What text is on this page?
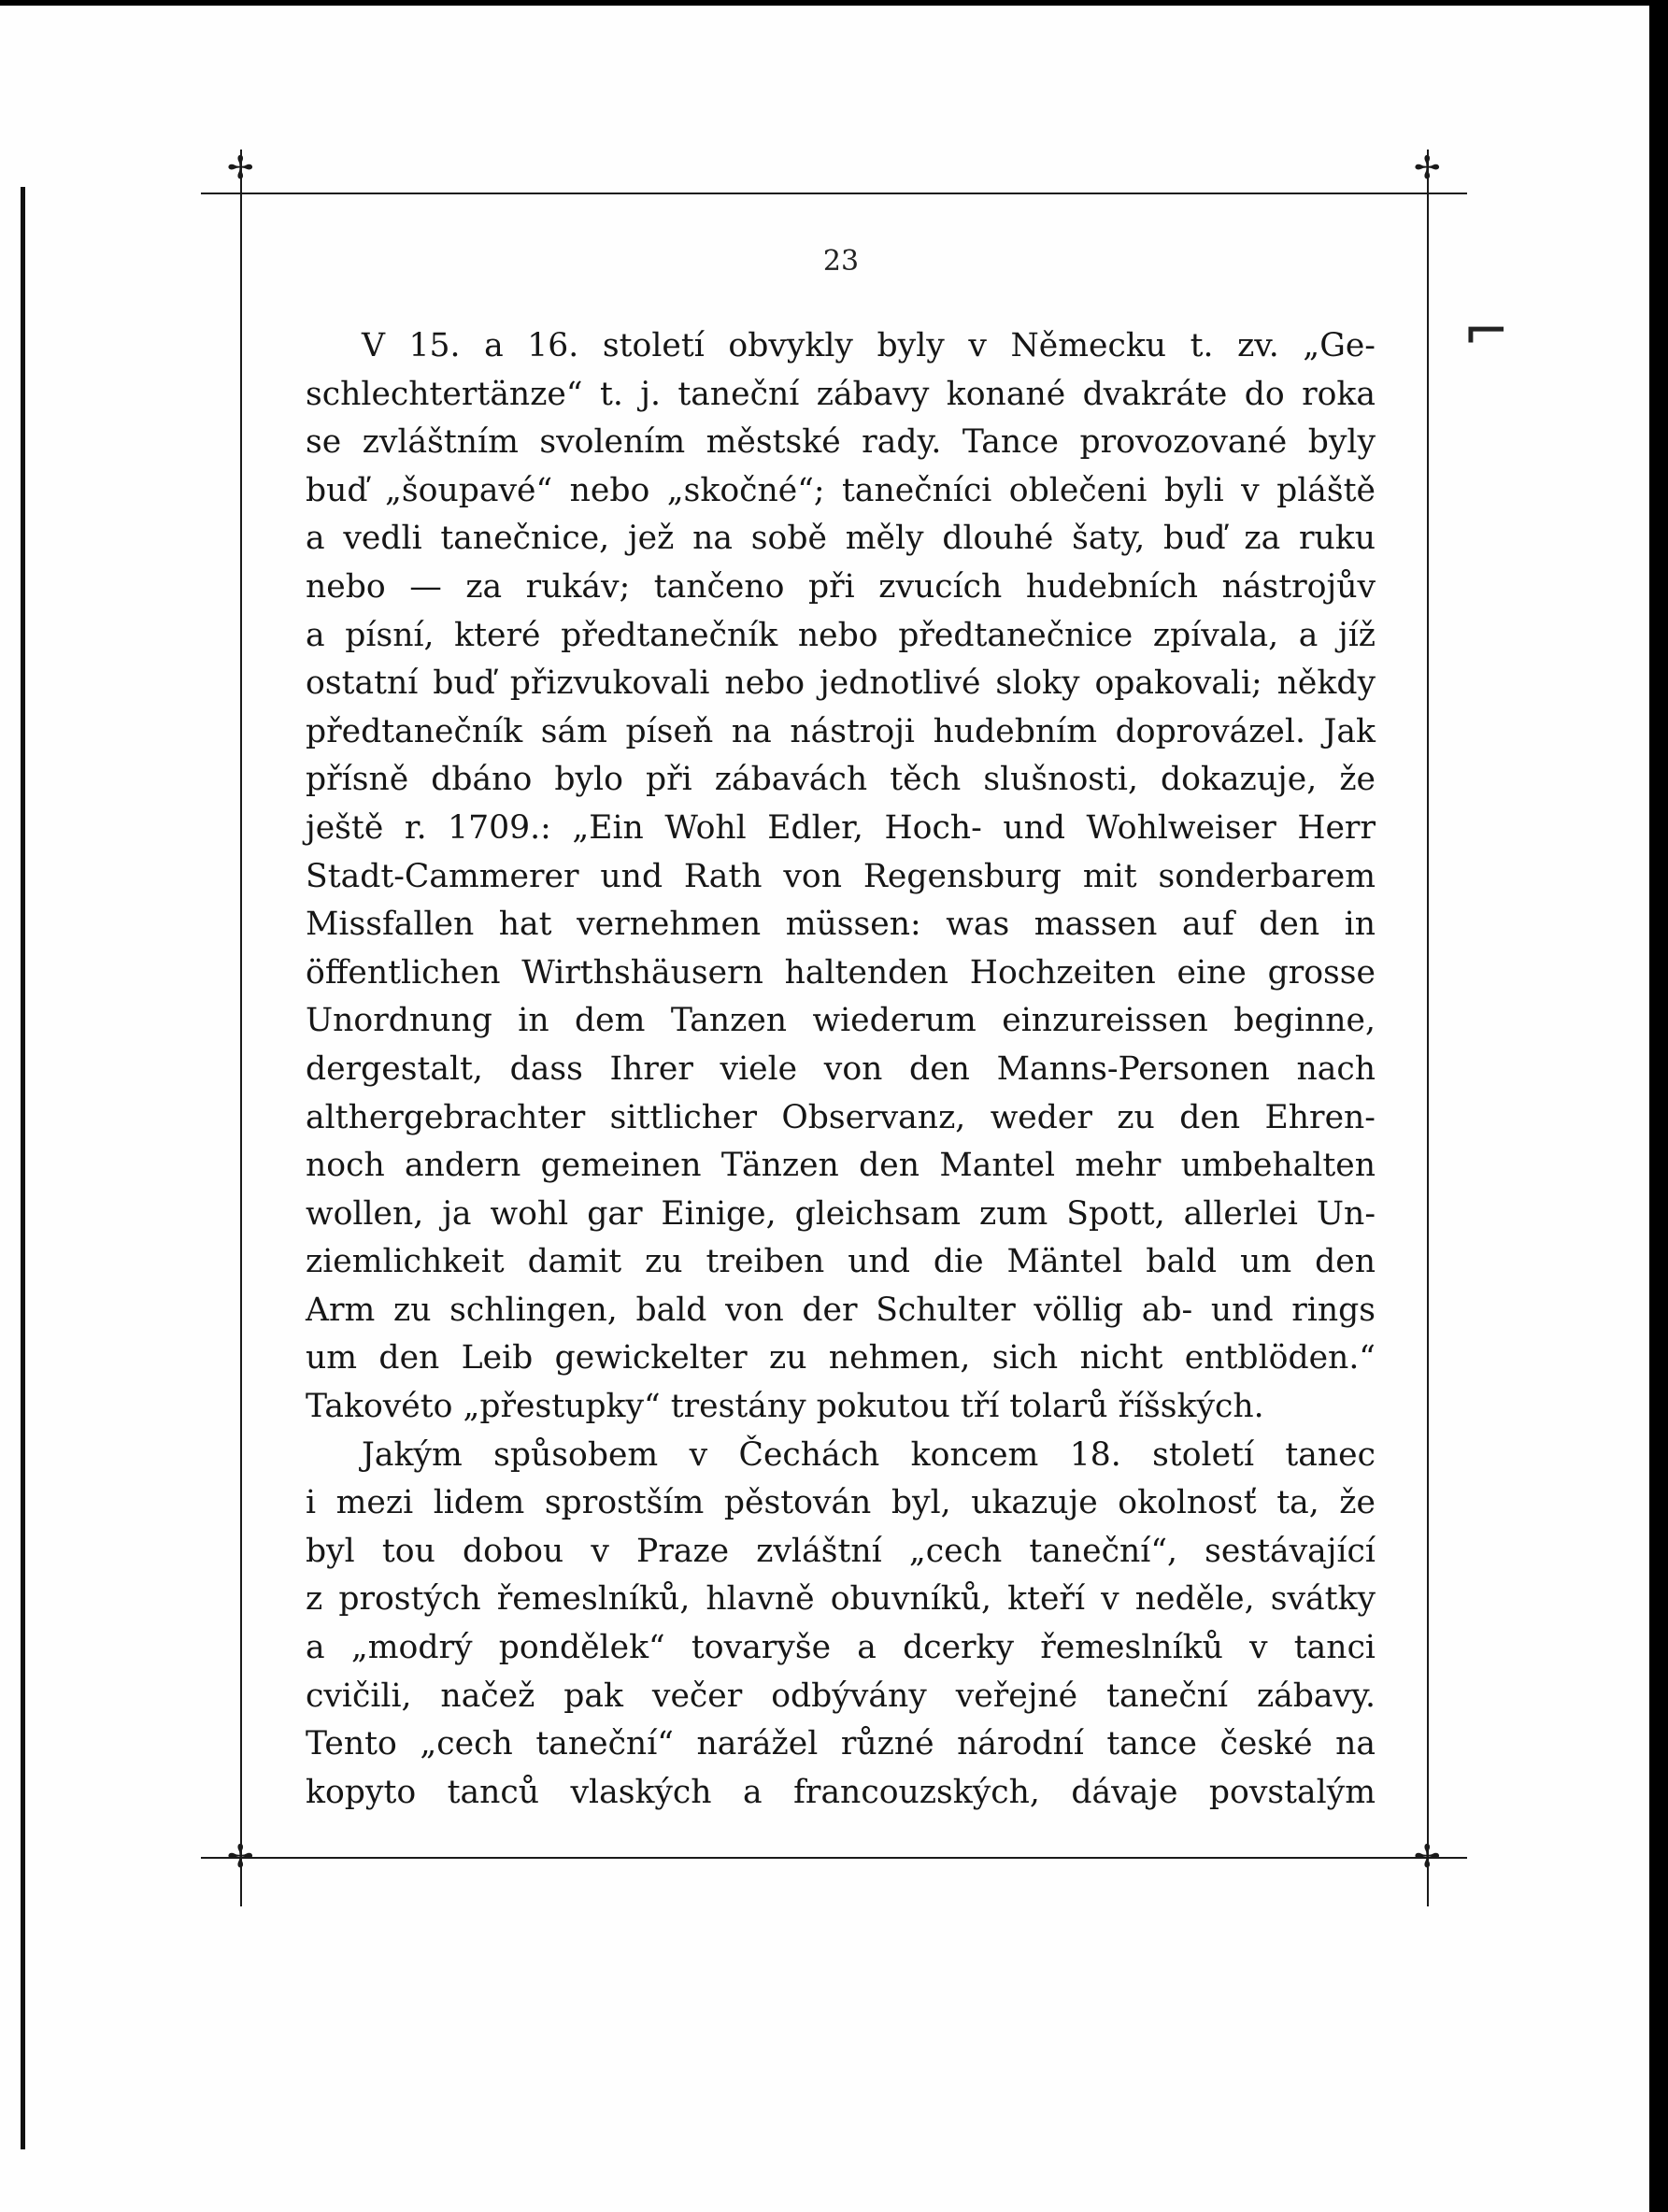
✢	✢
✢	✢
⌐
23
V 15. a 16. století obvykly byly v Německu t. zv. „Ge-
schlechtertänze“ t. j. taneční zábavy konané dvakráte do roka
se zvláštním svolením městské rady. Tance provozované byly
buď „šoupavé“ nebo „skočné“; tanečníci oblečeni byli v pláště
a vedli tanečnice, jež na sobě měly dlouhé šaty, buď za ruku
nebo — za rukáv; tančeno při zvucích hudebních nástrojův
a písní, které předtanečník nebo předtanečnice zpívala, a jíž
ostatní buď přizvukovali nebo jednotlivé sloky opakovali; někdy
předtanečník sám píseň na nástroji hudebním doprovázel. Jak
přísně dbáno bylo při zábavách těch slušnosti, dokazuje, že
ještě r. 1709.: „Ein Wohl Edler, Hoch- und Wohlweiser Herr
Stadt-Cammerer und Rath von Regensburg mit sonderbarem
Missfallen hat vernehmen müssen: was massen auf den in
öffentlichen Wirthshäusern haltenden Hochzeiten eine grosse
Unordnung in dem Tanzen wiederum einzureissen beginne,
dergestalt, dass Ihrer viele von den Manns-Personen nach
althergebrachter sittlicher Observanz, weder zu den Ehren-
noch andern gemeinen Tänzen den Mantel mehr umbehalten
wollen, ja wohl gar Einige, gleichsam zum Spott, allerlei Un-
ziemlichkeit damit zu treiben und die Mäntel bald um den
Arm zu schlingen, bald von der Schulter völlig ab- und rings
um den Leib gewickelter zu nehmen, sich nicht entblöden.“
Takovéto „přestupky“ trestány pokutou tří tolarů říšských.
Jakým spůsobem v Čechách koncem 18. století tanec
i mezi lidem sprostším pěstován byl, ukazuje okolnosť ta, že
byl tou dobou v Praze zvláštní „cech taneční“, sestávající
z prostých řemeslníků, hlavně obuvníků, kteří v neděle, svátky
a „modrý pondělek“ tovaryše a dcerky řemeslníků v tanci
cvičili, načež pak večer odbývány veřejné taneční zábavy.
Tento „cech taneční“ narážel různé národní tance české na
kopyto tanců vlaských a francouzských, dávaje povstalým
